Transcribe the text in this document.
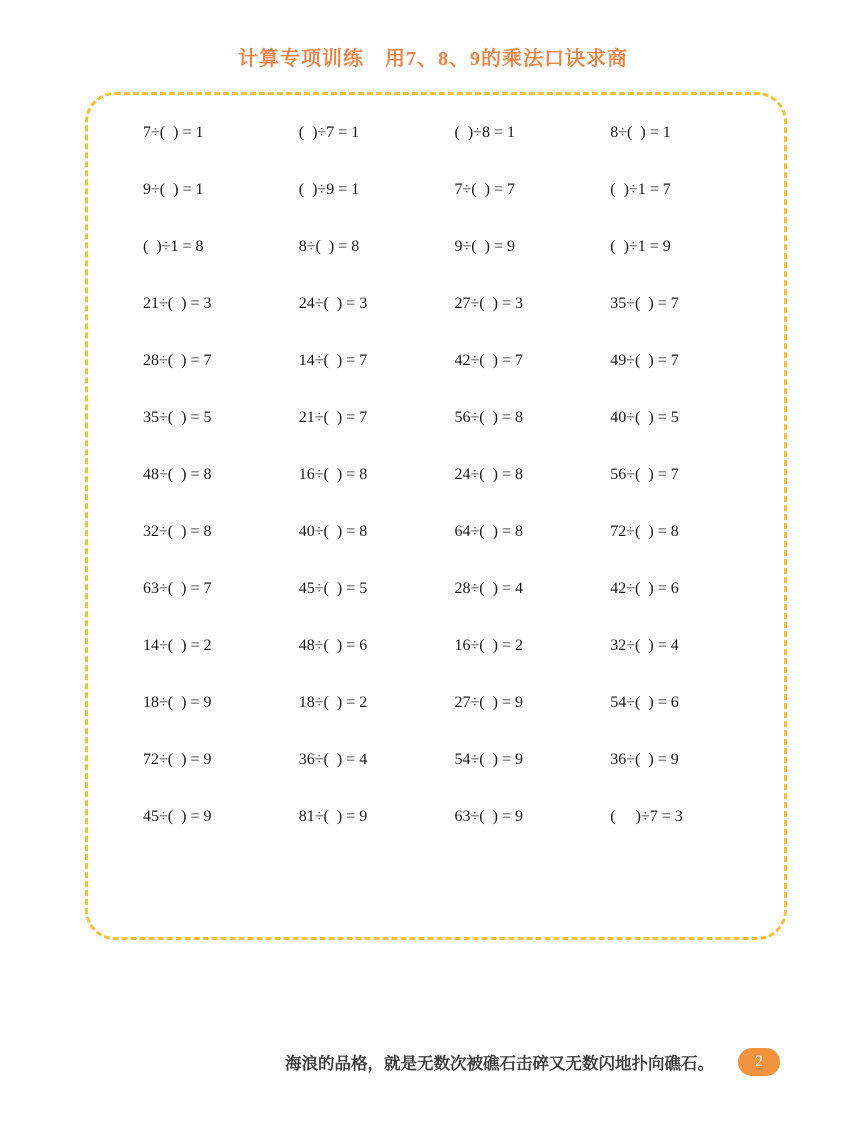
计算专项训练　用7、8、9的乘法口诀求商
7÷(  ) = 1	(  )÷7 = 1	(  )÷8 = 1	8÷(  ) = 1
9÷(  ) = 1	(  )÷9 = 1	7÷(  ) = 7	(  )÷1 = 7
(  )÷1 = 8	8÷(  ) = 8	9÷(  ) = 9	(  )÷1 = 9
21÷(  ) = 3	24÷(  ) = 3	27÷(  ) = 3	35÷(  ) = 7
28÷(  ) = 7	14÷(  ) = 7	42÷(  ) = 7	49÷(  ) = 7
35÷(  ) = 5	21÷(  ) = 7	56÷(  ) = 8	40÷(  ) = 5
48÷(  ) = 8	16÷(  ) = 8	24÷(  ) = 8	56÷(  ) = 7
32÷(  ) = 8	40÷(  ) = 8	64÷(  ) = 8	72÷(  ) = 8
63÷(  ) = 7	45÷(  ) = 5	28÷(  ) = 4	42÷(  ) = 6
14÷(  ) = 2	48÷(  ) = 6	16÷(  ) = 2	32÷(  ) = 4
18÷(  ) = 9	18÷(  ) = 2	27÷(  ) = 9	54÷(  ) = 6
72÷(  ) = 9	36÷(  ) = 4	54÷(  ) = 9	36÷(  ) = 9
45÷(  ) = 9	81÷(  ) = 9	63÷(  ) = 9	(     )÷7 = 3
海浪的品格，就是无数次被礁石击碎又无数闪地扑向礁石。	2
